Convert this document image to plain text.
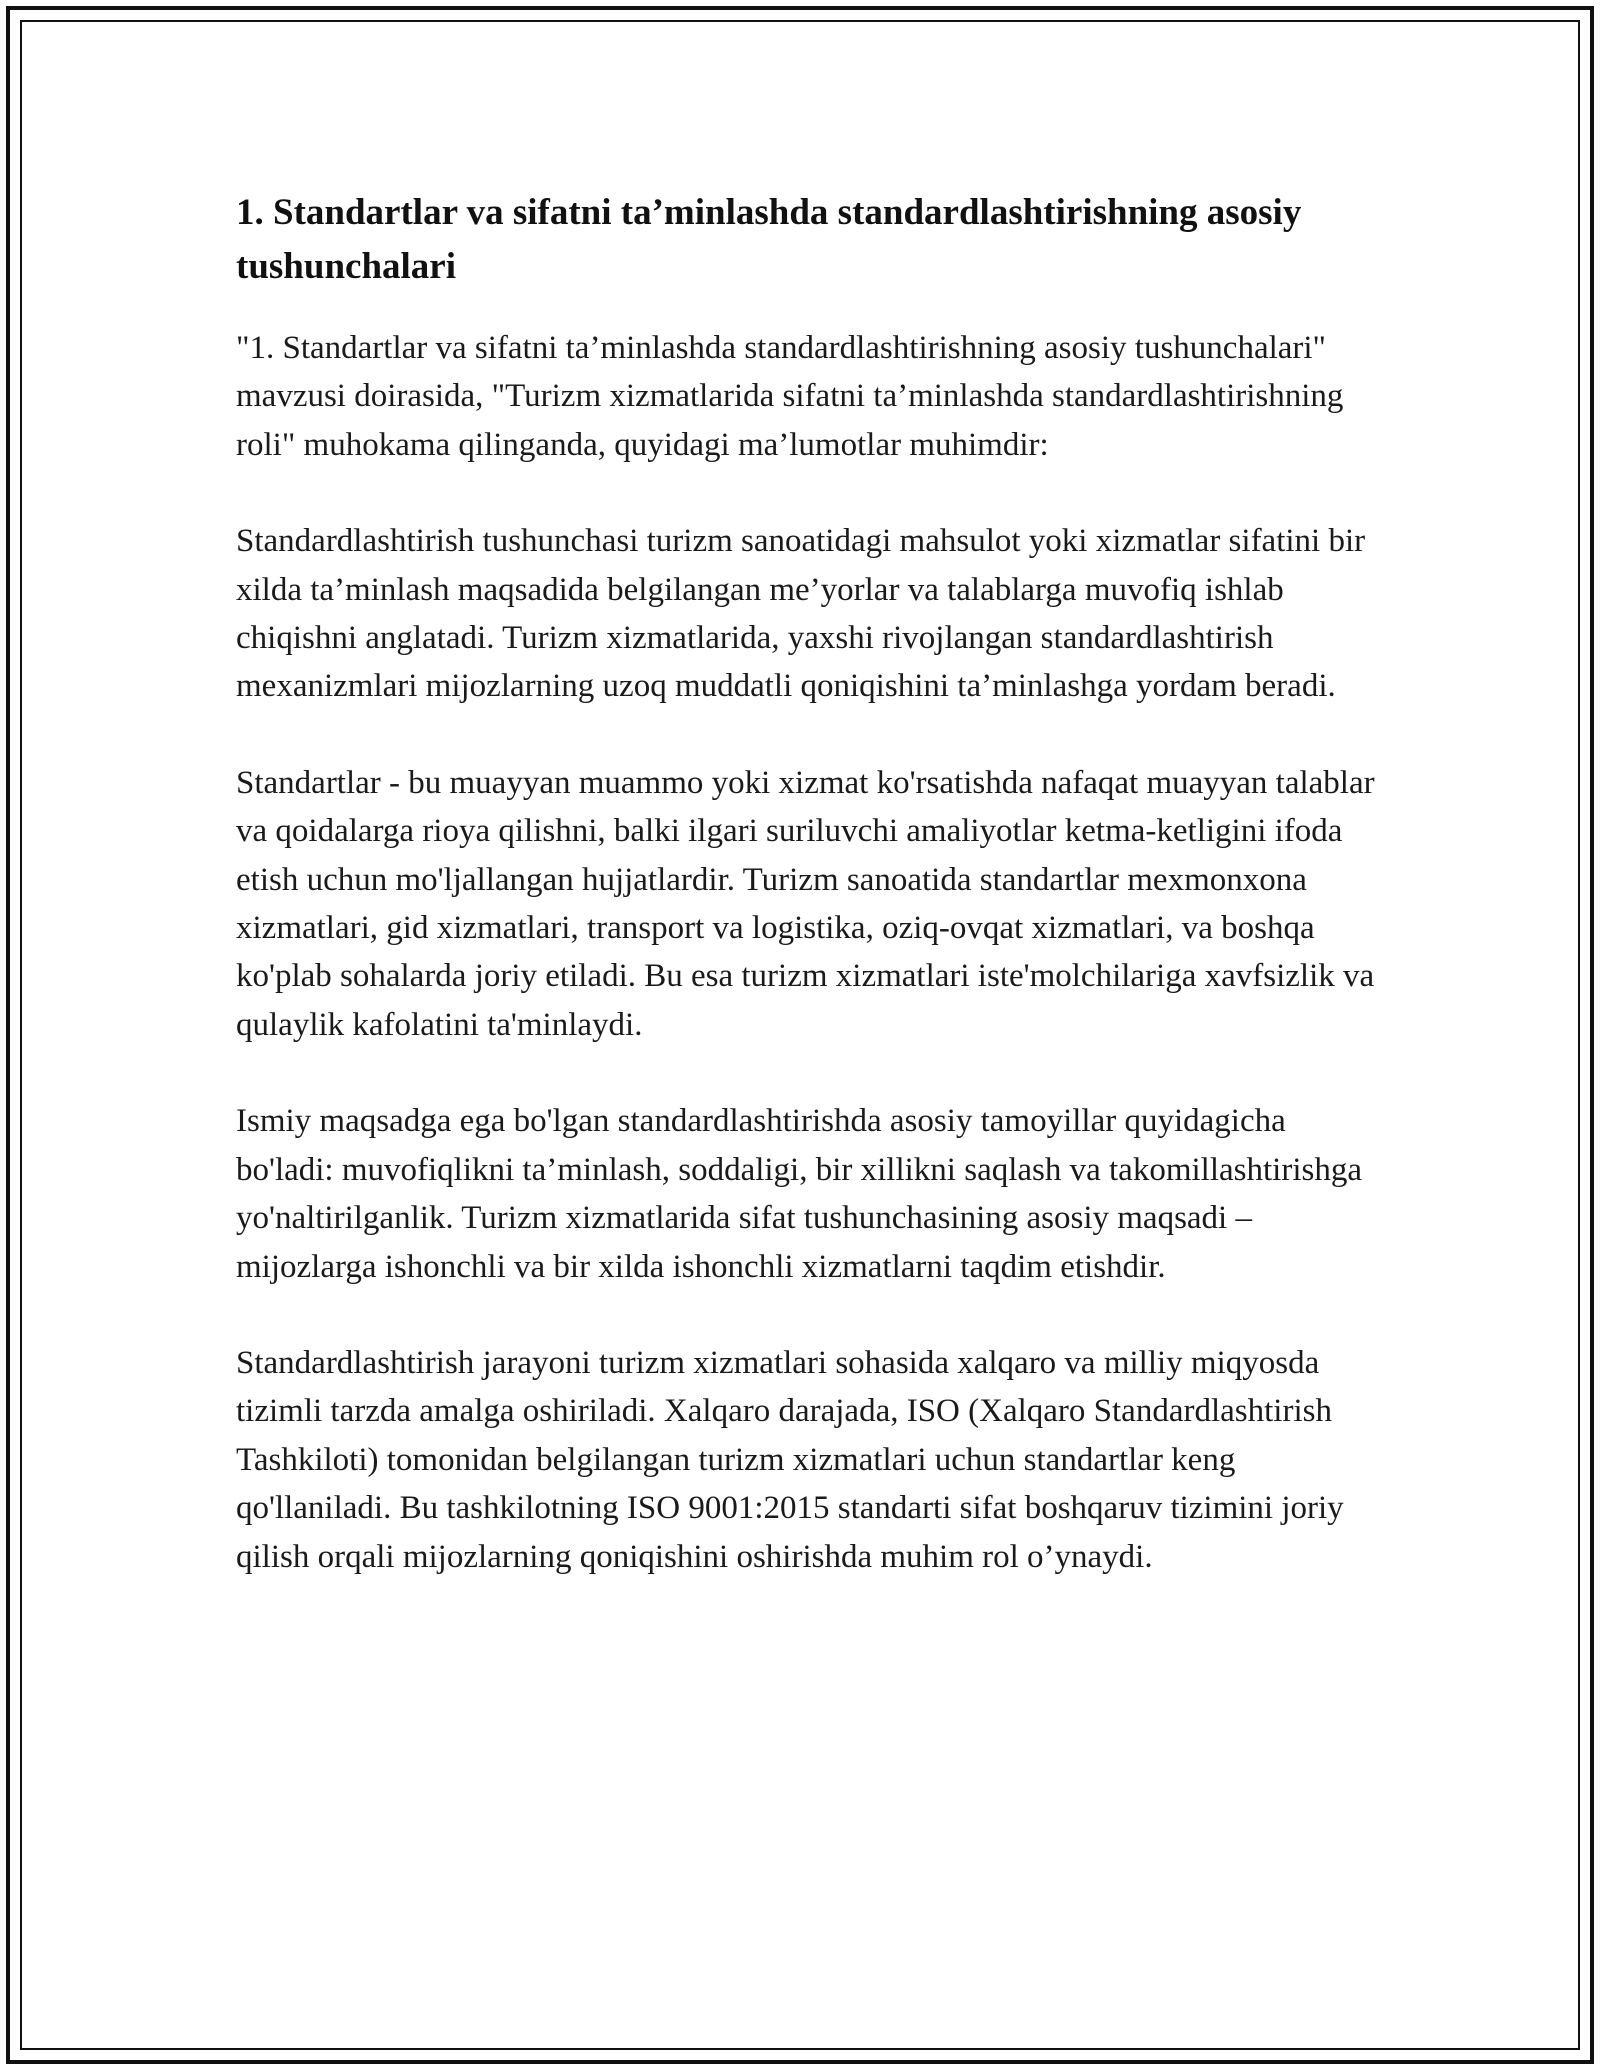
1. Standartlar va sifatni ta’minlashda standardlashtirishning asosiy tushunchalari

"1. Standartlar va sifatni ta’minlashda standardlashtirishning asosiy tushunchalari" mavzusi doirasida, "Turizm xizmatlarida sifatni ta’minlashda standardlashtirishning roli" muhokama qilinganda, quyidagi ma’lumotlar muhimdir:

Standardlashtirish tushunchasi turizm sanoatidagi mahsulot yoki xizmatlar sifatini bir xilda ta’minlash maqsadida belgilangan me’yorlar va talablarga muvofiq ishlab chiqishni anglatadi. Turizm xizmatlarida, yaxshi rivojlangan standardlashtirish mexanizmlari mijozlarning uzoq muddatli qoniqishini ta’minlashga yordam beradi.

Standartlar - bu muayyan muammo yoki xizmat ko'rsatishda nafaqat muayyan talablar va qoidalarga rioya qilishni, balki ilgari suriluvchi amaliyotlar ketma-ketligini ifoda etish uchun mo'ljallangan hujjatlardir. Turizm sanoatida standartlar mexmonxona xizmatlari, gid xizmatlari, transport va logistika, oziq-ovqat xizmatlari, va boshqa ko'plab sohalarda joriy etiladi. Bu esa turizm xizmatlari iste'molchilariga xavfsizlik va qulaylik kafolatini ta'minlaydi.

Ismiy maqsadga ega bo'lgan standardlashtirishda asosiy tamoyillar quyidagicha bo'ladi: muvofiqlikni ta’minlash, soddaligi, bir xillikni saqlash va takomillashtirishga yo'naltirilganlik. Turizm xizmatlarida sifat tushunchasining asosiy maqsadi – mijozlarga ishonchli va bir xilda ishonchli xizmatlarni taqdim etishdir.

Standardlashtirish jarayoni turizm xizmatlari sohasida xalqaro va milliy miqyosda tizimli tarzda amalga oshiriladi. Xalqaro darajada, ISO (Xalqaro Standardlashtirish Tashkiloti) tomonidan belgilangan turizm xizmatlari uchun standartlar keng qo'llaniladi. Bu tashkilotning ISO 9001:2015 standarti sifat boshqaruv tizimini joriy qilish orqali mijozlarning qoniqishini oshirishda muhim rol o’ynaydi.
